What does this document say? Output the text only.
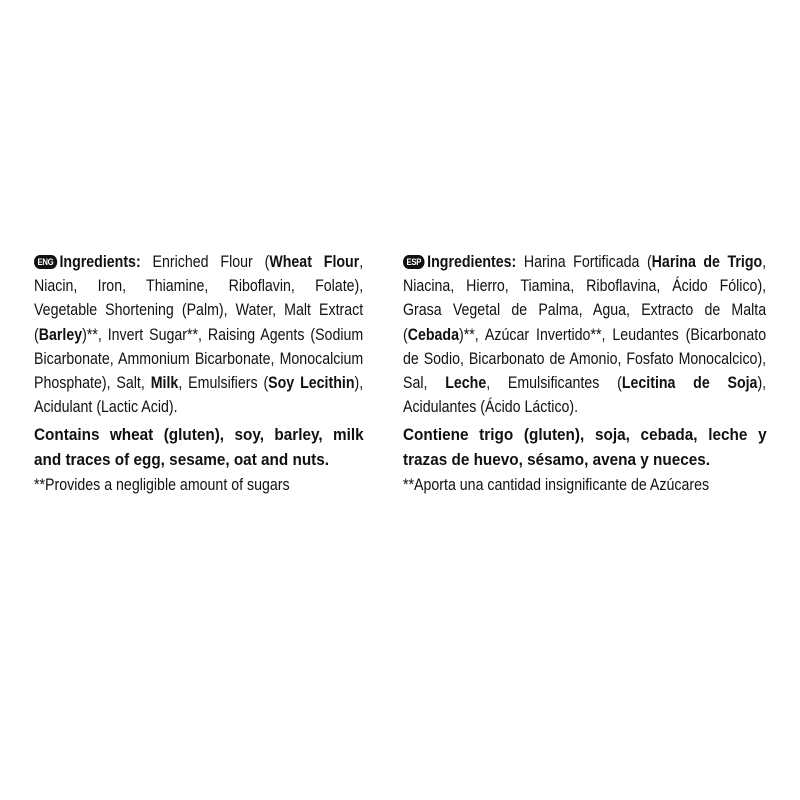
ENG Ingredients: Enriched Flour (Wheat Flour, Niacin, Iron, Thiamine, Riboflavin, Folate), Vegetable Shortening (Palm), Water, Malt Extract (Barley)**, Invert Sugar**, Raising Agents (Sodium Bicarbonate, Ammonium Bicarbonate, Monocalcium Phosphate), Salt, Milk, Emulsifiers (Soy Lecithin), Acidulant (Lactic Acid).

Contains wheat (gluten), soy, barley, milk and traces of egg, sesame, oat and nuts.

**Provides a negligible amount of sugars

ESP Ingredientes: Harina Fortificada (Harina de Trigo, Niacina, Hierro, Tiamina, Riboflavina, Ácido Fólico), Grasa Vegetal de Palma, Agua, Extracto de Malta (Cebada)**, Azúcar Invertido**, Leudantes (Bicarbonato de Sodio, Bicarbonato de Amonio, Fosfato Monocalcico), Sal, Leche, Emulsificantes (Lecitina de Soja), Acidulantes (Ácido Láctico).

Contiene trigo (gluten), soja, cebada, leche y trazas de huevo, sésamo, avena y nueces.

**Aporta una cantidad insignificante de Azúcares
